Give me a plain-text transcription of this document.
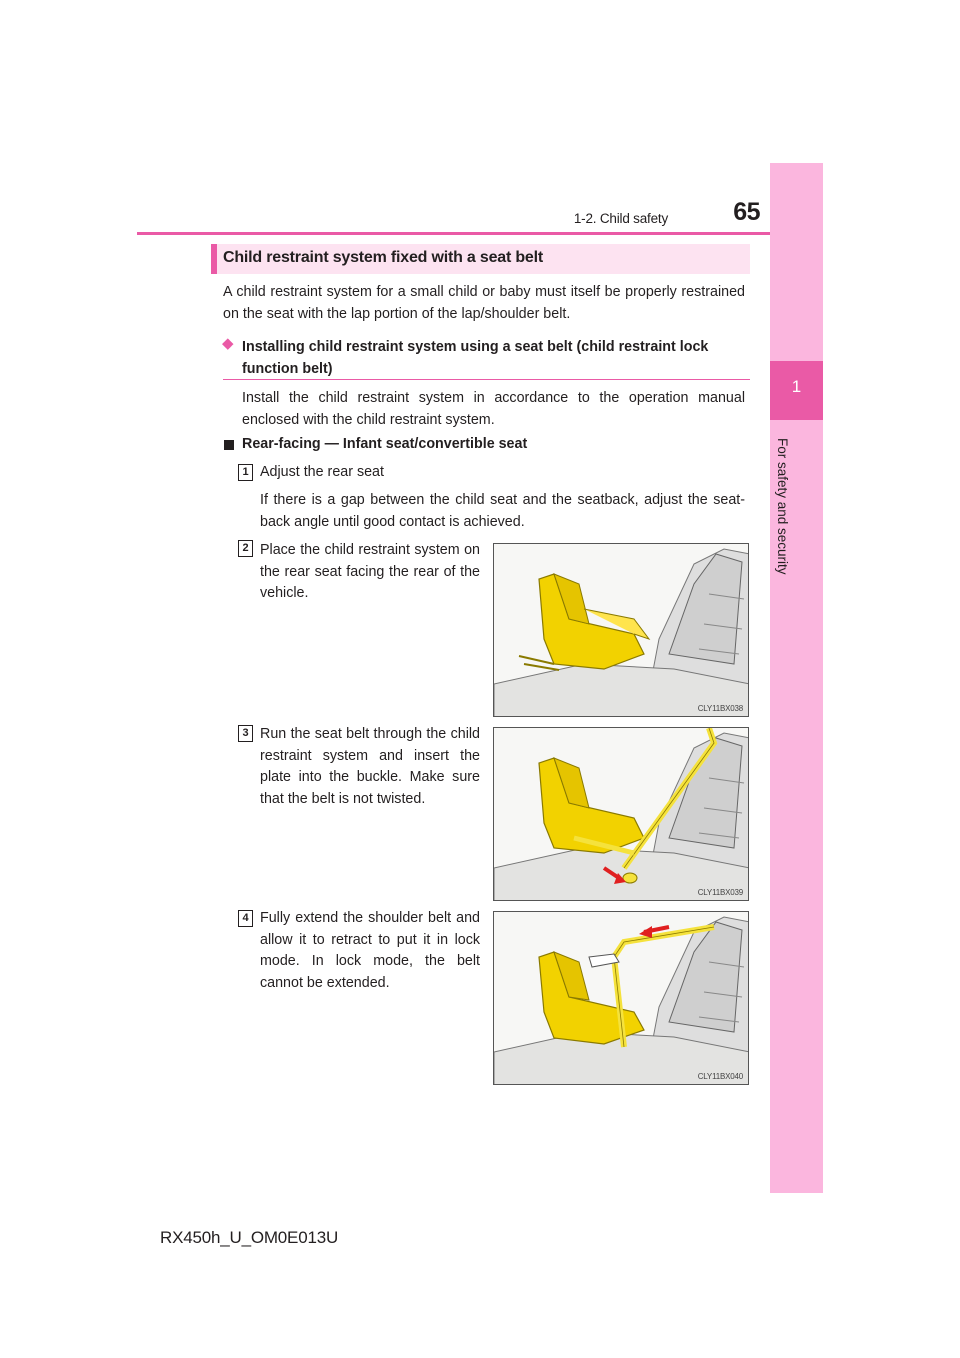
65
1-2. Child safety
1
For safety and security
Child restraint system fixed with a seat belt
A child restraint system for a small child or baby must itself be properly restrained on the seat with the lap portion of the lap/shoulder belt.
◆ Installing child restraint system using a seat belt (child restraint lock function belt)
Install the child restraint system in accordance to the operation manual enclosed with the child restraint system.
Rear-facing — Infant seat/convertible seat
1 Adjust the rear seat
If there is a gap between the child seat and the seatback, adjust the seat-back angle until good contact is achieved.
2 Place the child restraint system on the rear seat facing the rear of the vehicle.
CLY11BX038
3 Run the seat belt through the child restraint system and insert the plate into the buckle. Make sure that the belt is not twisted.
CLY11BX039
4 Fully extend the shoulder belt and allow it to retract to put it in lock mode. In lock mode, the belt cannot be extended.
CLY11BX040
RX450h_U_OM0E013U
